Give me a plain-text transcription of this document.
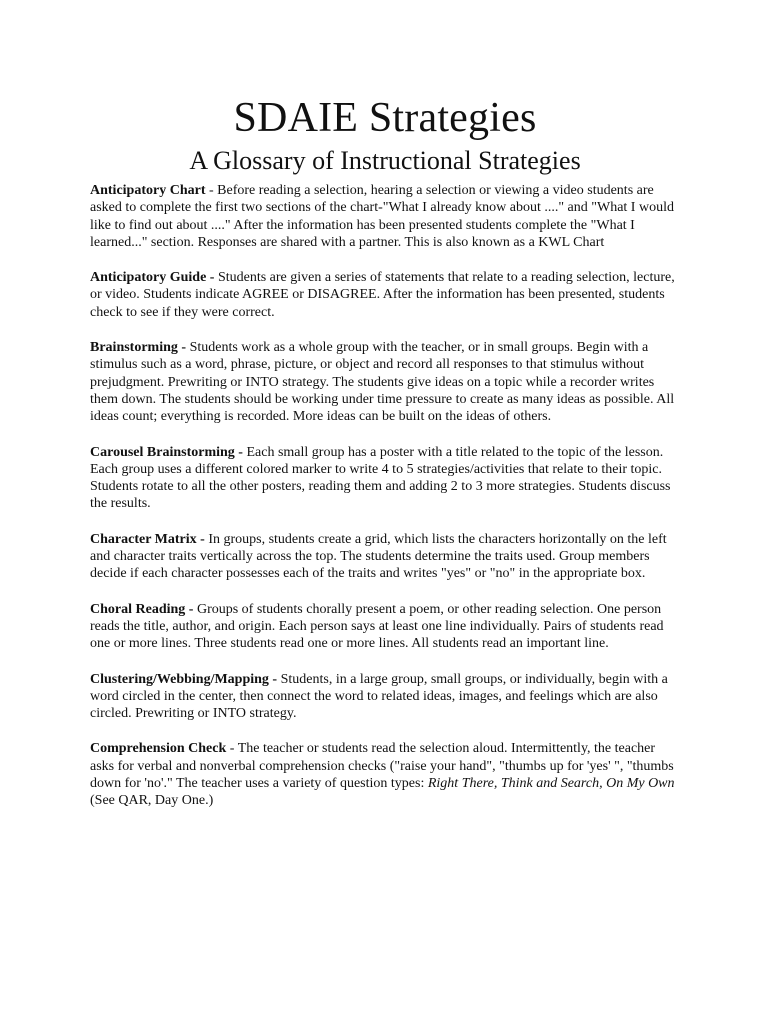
SDAIE Strategies
A Glossary of Instructional Strategies

Anticipatory Chart - Before reading a selection, hearing a selection or viewing a video students are asked to complete the first two sections of the chart-"What I already know about ...." and "What I would like to find out about ...." After the information has been presented students complete the "What I learned..." section. Responses are shared with a partner. This is also known as a KWL Chart

Anticipatory Guide - Students are given a series of statements that relate to a reading selection, lecture, or video. Students indicate AGREE or DISAGREE. After the information has been presented, students check to see if they were correct.

Brainstorming - Students work as a whole group with the teacher, or in small groups. Begin with a stimulus such as a word, phrase, picture, or object and record all responses to that stimulus without prejudgment. Prewriting or INTO strategy. The students give ideas on a topic while a recorder writes them down. The students should be working under time pressure to create as many ideas as possible. All ideas count; everything is recorded. More ideas can be built on the ideas of others.

Carousel Brainstorming - Each small group has a poster with a title related to the topic of the lesson. Each group uses a different colored marker to write 4 to 5 strategies/activities that relate to their topic. Students rotate to all the other posters, reading them and adding 2 to 3 more strategies. Students discuss the results.

Character Matrix - In groups, students create a grid, which lists the characters horizontally on the left and character traits vertically across the top. The students determine the traits used. Group members decide if each character possesses each of the traits and writes "yes" or "no" in the appropriate box.

Choral Reading - Groups of students chorally present a poem, or other reading selection. One person reads the title, author, and origin. Each person says at least one line individually. Pairs of students read one or more lines. Three students read one or more lines. All students read an important line.

Clustering/Webbing/Mapping - Students, in a large group, small groups, or individually, begin with a word circled in the center, then connect the word to related ideas, images, and feelings which are also circled. Prewriting or INTO strategy.

Comprehension Check - The teacher or students read the selection aloud. Intermittently, the teacher asks for verbal and nonverbal comprehension checks ("raise your hand", "thumbs up for 'yes' ", "thumbs down for 'no'." The teacher uses a variety of question types: Right There, Think and Search, On My Own (See QAR, Day One.)
